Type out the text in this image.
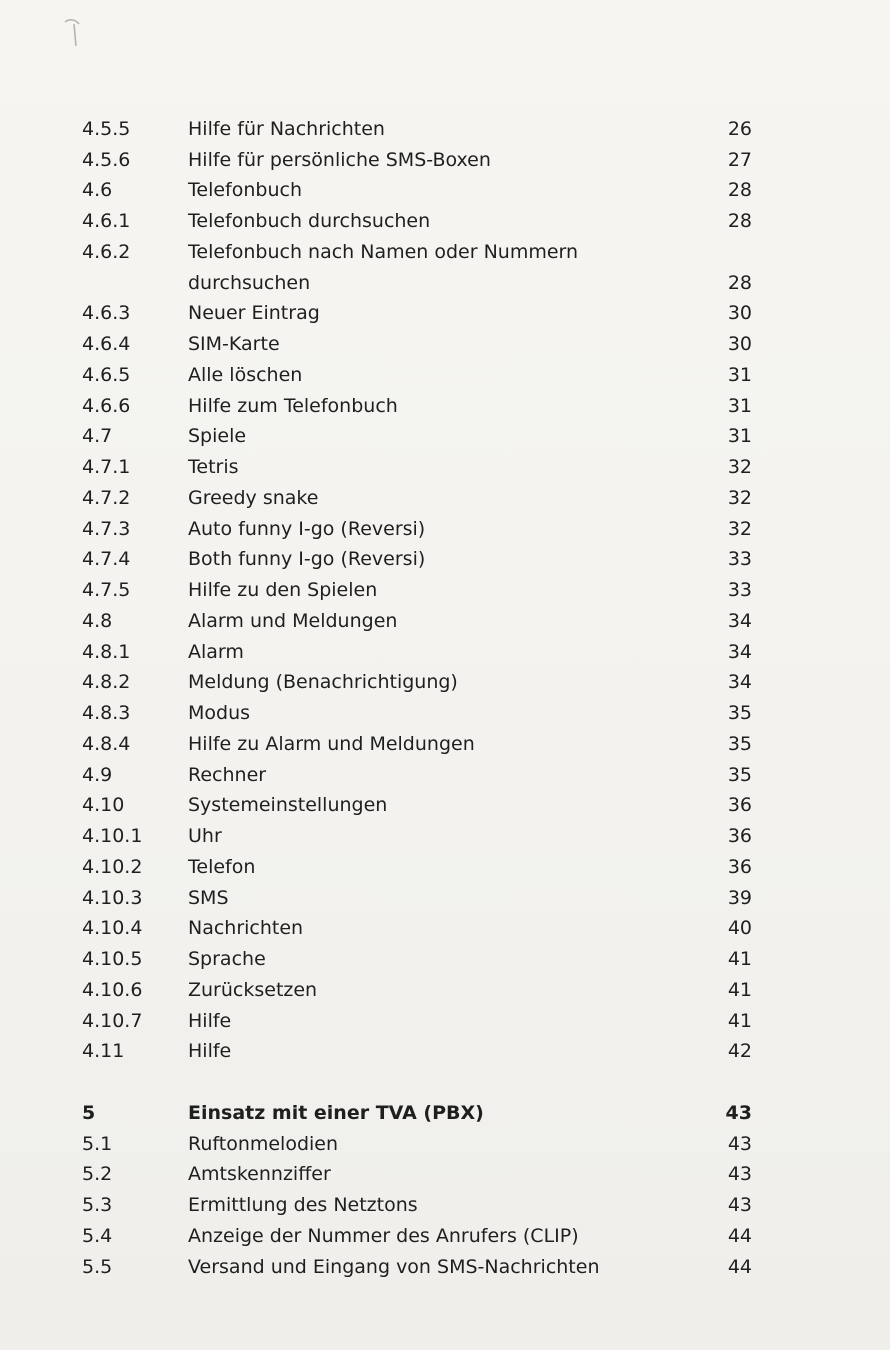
4.5.5	Hilfe für Nachrichten	26
4.5.6	Hilfe für persönliche SMS-Boxen	27
4.6	Telefonbuch	28
4.6.1	Telefonbuch durchsuchen	28
4.6.2	Telefonbuch nach Namen oder Nummern
durchsuchen	28
4.6.3	Neuer Eintrag	30
4.6.4	SIM-Karte	30
4.6.5	Alle löschen	31
4.6.6	Hilfe zum Telefonbuch	31
4.7	Spiele	31
4.7.1	Tetris	32
4.7.2	Greedy snake	32
4.7.3	Auto funny I-go (Reversi)	32
4.7.4	Both funny I-go (Reversi)	33
4.7.5	Hilfe zu den Spielen	33
4.8	Alarm und Meldungen	34
4.8.1	Alarm	34
4.8.2	Meldung (Benachrichtigung)	34
4.8.3	Modus	35
4.8.4	Hilfe zu Alarm und Meldungen	35
4.9	Rechner	35
4.10	Systemeinstellungen	36
4.10.1	Uhr	36
4.10.2	Telefon	36
4.10.3	SMS	39
4.10.4	Nachrichten	40
4.10.5	Sprache	41
4.10.6	Zurücksetzen	41
4.10.7	Hilfe	41
4.11	Hilfe	42
5	Einsatz mit einer TVA (PBX)	43
5.1	Ruftonmelodien	43
5.2	Amtskennziffer	43
5.3	Ermittlung des Netztons	43
5.4	Anzeige der Nummer des Anrufers (CLIP)	44
5.5	Versand und Eingang von SMS-Nachrichten	44
